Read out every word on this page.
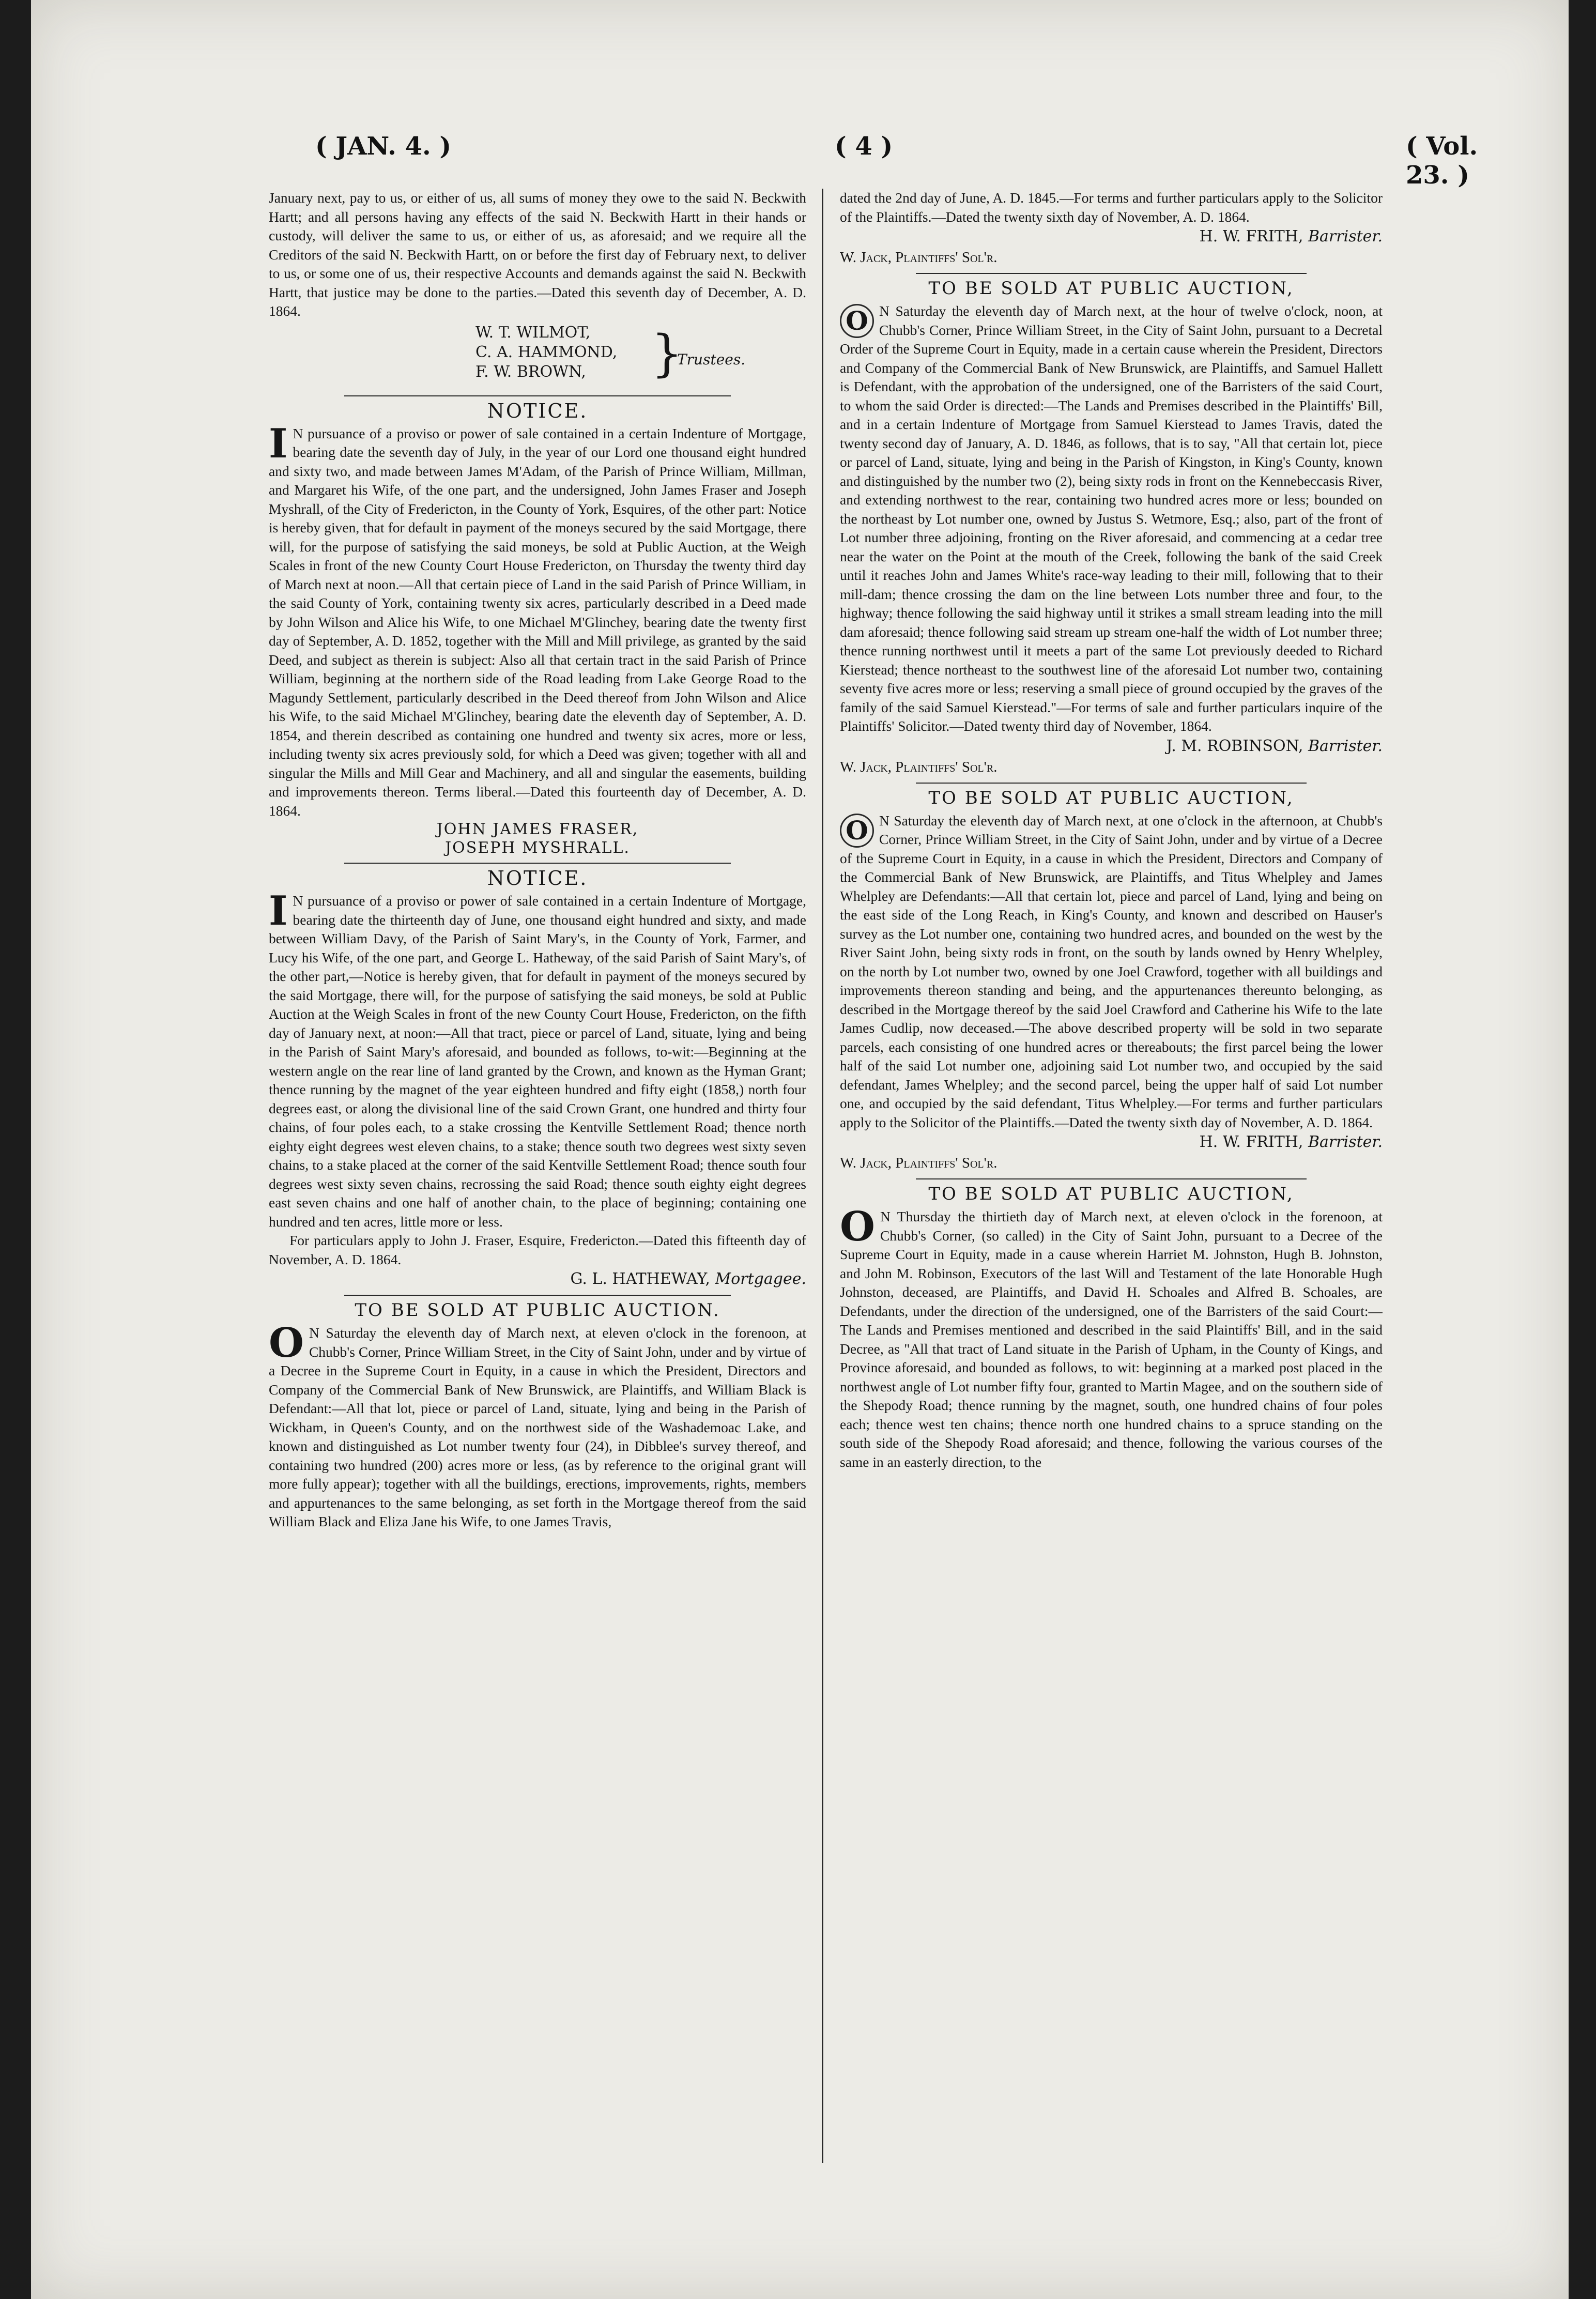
( JAN. 4. )	( 4 )	( Vol. 23. )

January next, pay to us, or either of us, all sums of money they owe to the said N. Beckwith Hartt; and all persons having any effects of the said N. Beckwith Hartt in their hands or custody, will deliver the same to us, or either of us, as aforesaid; and we require all the Creditors of the said N. Beckwith Hartt, on or before the first day of February next, to deliver to us, or some one of us, their respective Accounts and demands against the said N. Beckwith Hartt, that justice may be done to the parties.—Dated this seventh day of December, A. D. 1864.

W. T. WILMOT,
C. A. HAMMOND,
F. W. BROWN,	}
Trustees.
NOTICE.

I N pursuance of a proviso or power of sale contained in a certain Indenture of Mortgage, bearing date the seventh day of July, in the year of our Lord one thousand eight hundred and sixty two, and made between James M'Adam, of the Parish of Prince William, Millman, and Margaret his Wife, of the one part, and the undersigned, John James Fraser and Joseph Myshrall, of the City of Fredericton, in the County of York, Esquires, of the other part: Notice is hereby given, that for default in payment of the moneys secured by the said Mortgage, there will, for the purpose of satisfying the said moneys, be sold at Public Auction, at the Weigh Scales in front of the new County Court House Fredericton, on Thursday the twenty third day of March next at noon.—All that certain piece of Land in the said Parish of Prince William, in the said County of York, containing twenty six acres, particularly described in a Deed made by John Wilson and Alice his Wife, to one Michael M'Glinchey, bearing date the twenty first day of September, A. D. 1852, together with the Mill and Mill privilege, as granted by the said Deed, and subject as therein is subject: Also all that certain tract in the said Parish of Prince William, beginning at the northern side of the Road leading from Lake George Road to the Magundy Settlement, particularly described in the Deed thereof from John Wilson and Alice his Wife, to the said Michael M'Glinchey, bearing date the eleventh day of September, A. D. 1854, and therein described as containing one hundred and twenty six acres, more or less, including twenty six acres previously sold, for which a Deed was given; together with all and singular the Mills and Mill Gear and Machinery, and all and singular the easements, building and improvements thereon. Terms liberal.—Dated this fourteenth day of December, A. D. 1864.

JOHN JAMES FRASER,
JOSEPH MYSHRALL.
NOTICE.

I N pursuance of a proviso or power of sale contained in a certain Indenture of Mortgage, bearing date the thirteenth day of June, one thousand eight hundred and sixty, and made between William Davy, of the Parish of Saint Mary's, in the County of York, Farmer, and Lucy his Wife, of the one part, and George L. Hatheway, of the said Parish of Saint Mary's, of the other part,—Notice is hereby given, that for default in payment of the moneys secured by the said Mortgage, there will, for the purpose of satisfying the said moneys, be sold at Public Auction at the Weigh Scales in front of the new County Court House, Fredericton, on the fifth day of January next, at noon:—All that tract, piece or parcel of Land, situate, lying and being in the Parish of Saint Mary's aforesaid, and bounded as follows, to-wit:—Beginning at the western angle on the rear line of land granted by the Crown, and known as the Hyman Grant; thence running by the magnet of the year eighteen hundred and fifty eight (1858,) north four degrees east, or along the divisional line of the said Crown Grant, one hundred and thirty four chains, of four poles each, to a stake crossing the Kentville Settlement Road; thence north eighty eight degrees west eleven chains, to a stake; thence south two degrees west sixty seven chains, to a stake placed at the corner of the said Kentville Settlement Road; thence south four degrees west sixty seven chains, recrossing the said Road; thence south eighty eight degrees east seven chains and one half of another chain, to the place of beginning; containing one hundred and ten acres, little more or less.

For particulars apply to John J. Fraser, Esquire, Fredericton.—Dated this fifteenth day of November, A. D. 1864.

G. L. HATHEWAY, Mortgagee.
TO BE SOLD AT PUBLIC AUCTION.

O N Saturday the eleventh day of March next, at eleven o'clock in the forenoon, at Chubb's Corner, Prince William Street, in the City of Saint John, under and by virtue of a Decree in the Supreme Court in Equity, in a cause in which the President, Directors and Company of the Commercial Bank of New Brunswick, are Plaintiffs, and William Black is Defendant:—All that lot, piece or parcel of Land, situate, lying and being in the Parish of Wickham, in Queen's County, and on the northwest side of the Washademoac Lake, and known and distinguished as Lot number twenty four (24), in Dibblee's survey thereof, and containing two hundred (200) acres more or less, (as by reference to the original grant will more fully appear); together with all the buildings, erections, improvements, rights, members and appurtenances to the same belonging, as set forth in the Mortgage thereof from the said William Black and Eliza Jane his Wife, to one James Travis,

dated the 2nd day of June, A. D. 1845.—For terms and further particulars apply to the Solicitor of the Plaintiffs.—Dated the twenty sixth day of November, A. D. 1864.

H. W. FRITH, Barrister.
W. Jack, Plaintiffs' Sol'r.
TO BE SOLD AT PUBLIC AUCTION,

O N Saturday the eleventh day of March next, at the hour of twelve o'clock, noon, at Chubb's Corner, Prince William Street, in the City of Saint John, pursuant to a Decretal Order of the Supreme Court in Equity, made in a certain cause wherein the President, Directors and Company of the Commercial Bank of New Brunswick, are Plaintiffs, and Samuel Hallett is Defendant, with the approbation of the undersigned, one of the Barristers of the said Court, to whom the said Order is directed:—The Lands and Premises described in the Plaintiffs' Bill, and in a certain Indenture of Mortgage from Samuel Kierstead to James Travis, dated the twenty second day of January, A. D. 1846, as follows, that is to say, "All that certain lot, piece or parcel of Land, situate, lying and being in the Parish of Kingston, in King's County, known and distinguished by the number two (2), being sixty rods in front on the Kennebeccasis River, and extending northwest to the rear, containing two hundred acres more or less; bounded on the northeast by Lot number one, owned by Justus S. Wetmore, Esq.; also, part of the front of Lot number three adjoining, fronting on the River aforesaid, and commencing at a cedar tree near the water on the Point at the mouth of the Creek, following the bank of the said Creek until it reaches John and James White's race-way leading to their mill, following that to their mill-dam; thence crossing the dam on the line between Lots number three and four, to the highway; thence following the said highway until it strikes a small stream leading into the mill dam aforesaid; thence following said stream up stream one-half the width of Lot number three; thence running northwest until it meets a part of the same Lot previously deeded to Richard Kierstead; thence northeast to the southwest line of the aforesaid Lot number two, containing seventy five acres more or less; reserving a small piece of ground occupied by the graves of the family of the said Samuel Kierstead."—For terms of sale and further particulars inquire of the Plaintiffs' Solicitor.—Dated twenty third day of November, 1864.

J. M. ROBINSON, Barrister.
W. Jack, Plaintiffs' Sol'r.
TO BE SOLD AT PUBLIC AUCTION,

O N Saturday the eleventh day of March next, at one o'clock in the afternoon, at Chubb's Corner, Prince William Street, in the City of Saint John, under and by virtue of a Decree of the Supreme Court in Equity, in a cause in which the President, Directors and Company of the Commercial Bank of New Brunswick, are Plaintiffs, and Titus Whelpley and James Whelpley are Defendants:—All that certain lot, piece and parcel of Land, lying and being on the east side of the Long Reach, in King's County, and known and described on Hauser's survey as the Lot number one, containing two hundred acres, and bounded on the west by the River Saint John, being sixty rods in front, on the south by lands owned by Henry Whelpley, on the north by Lot number two, owned by one Joel Crawford, together with all buildings and improvements thereon standing and being, and the appurtenances thereunto belonging, as described in the Mortgage thereof by the said Joel Crawford and Catherine his Wife to the late James Cudlip, now deceased.—The above described property will be sold in two separate parcels, each consisting of one hundred acres or thereabouts; the first parcel being the lower half of the said Lot number one, adjoining said Lot number two, and occupied by the said defendant, James Whelpley; and the second parcel, being the upper half of said Lot number one, and occupied by the said defendant, Titus Whelpley.—For terms and further particulars apply to the Solicitor of the Plaintiffs.—Dated the twenty sixth day of November, A. D. 1864.

H. W. FRITH, Barrister.
W. Jack, Plaintiffs' Sol'r.
TO BE SOLD AT PUBLIC AUCTION,

O N Thursday the thirtieth day of March next, at eleven o'clock in the forenoon, at Chubb's Corner, (so called) in the City of Saint John, pursuant to a Decree of the Supreme Court in Equity, made in a cause wherein Harriet M. Johnston, Hugh B. Johnston, and John M. Robinson, Executors of the last Will and Testament of the late Honorable Hugh Johnston, deceased, are Plaintiffs, and David H. Schoales and Alfred B. Schoales, are Defendants, under the direction of the undersigned, one of the Barristers of the said Court:—The Lands and Premises mentioned and described in the said Plaintiffs' Bill, and in the said Decree, as "All that tract of Land situate in the Parish of Upham, in the County of Kings, and Province aforesaid, and bounded as follows, to wit: beginning at a marked post placed in the northwest angle of Lot number fifty four, granted to Martin Magee, and on the southern side of the Shepody Road; thence running by the magnet, south, one hundred chains of four poles each; thence west ten chains; thence north one hundred chains to a spruce standing on the south side of the Shepody Road aforesaid; and thence, following the various courses of the same in an easterly direction, to the
